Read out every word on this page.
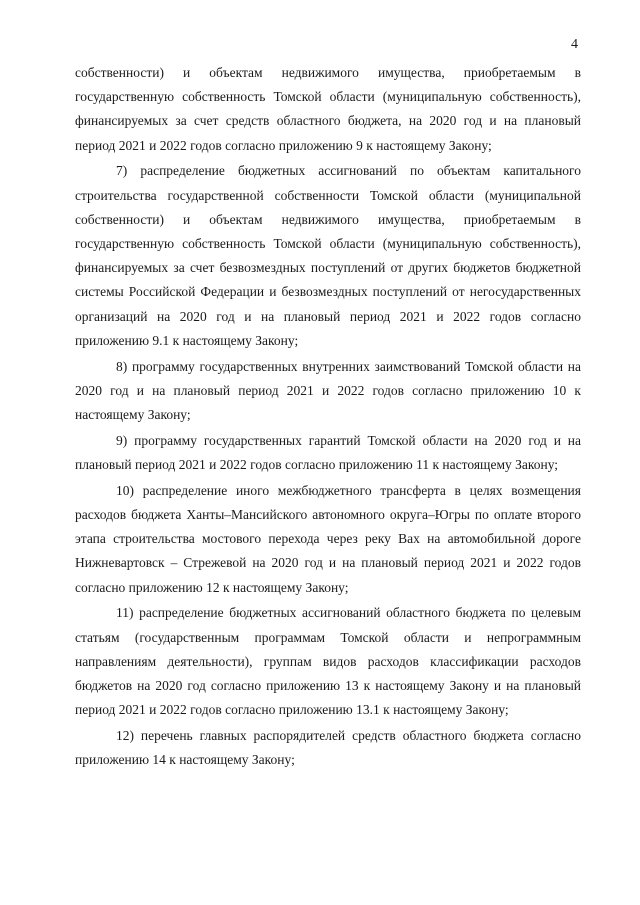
4

собственности) и объектам недвижимого имущества, приобретаемым в государственную собственность Томской области (муниципальную собственность), финансируемых за счет средств областного бюджета, на 2020 год и на плановый период 2021 и 2022 годов согласно приложению 9 к настоящему Закону;

7) распределение бюджетных ассигнований по объектам капитального строительства государственной собственности Томской области (муниципальной собственности) и объектам недвижимого имущества, приобретаемым в государственную собственность Томской области (муниципальную собственность), финансируемых за счет безвозмездных поступлений от других бюджетов бюджетной системы Российской Федерации и безвозмездных поступлений от негосударственных организаций на 2020 год и на плановый период 2021 и 2022 годов согласно приложению 9.1 к настоящему Закону;

8) программу государственных внутренних заимствований Томской области на 2020 год и на плановый период 2021 и 2022 годов согласно приложению 10 к настоящему Закону;

9) программу государственных гарантий Томской области на 2020 год и на плановый период 2021 и 2022 годов согласно приложению 11 к настоящему Закону;

10) распределение иного межбюджетного трансферта в целях возмещения расходов бюджета Ханты–Мансийского автономного округа–Югры по оплате второго этапа строительства мостового перехода через реку Вах на автомобильной дороге Нижневартовск – Стрежевой на 2020 год и на плановый период 2021 и 2022 годов согласно приложению 12 к настоящему Закону;

11) распределение бюджетных ассигнований областного бюджета по целевым статьям (государственным программам Томской области и непрограммным направлениям деятельности), группам видов расходов классификации расходов бюджетов на 2020 год согласно приложению 13 к настоящему Закону и на плановый период 2021 и 2022 годов согласно приложению 13.1 к настоящему Закону;

12) перечень главных распорядителей средств областного бюджета согласно приложению 14 к настоящему Закону;
